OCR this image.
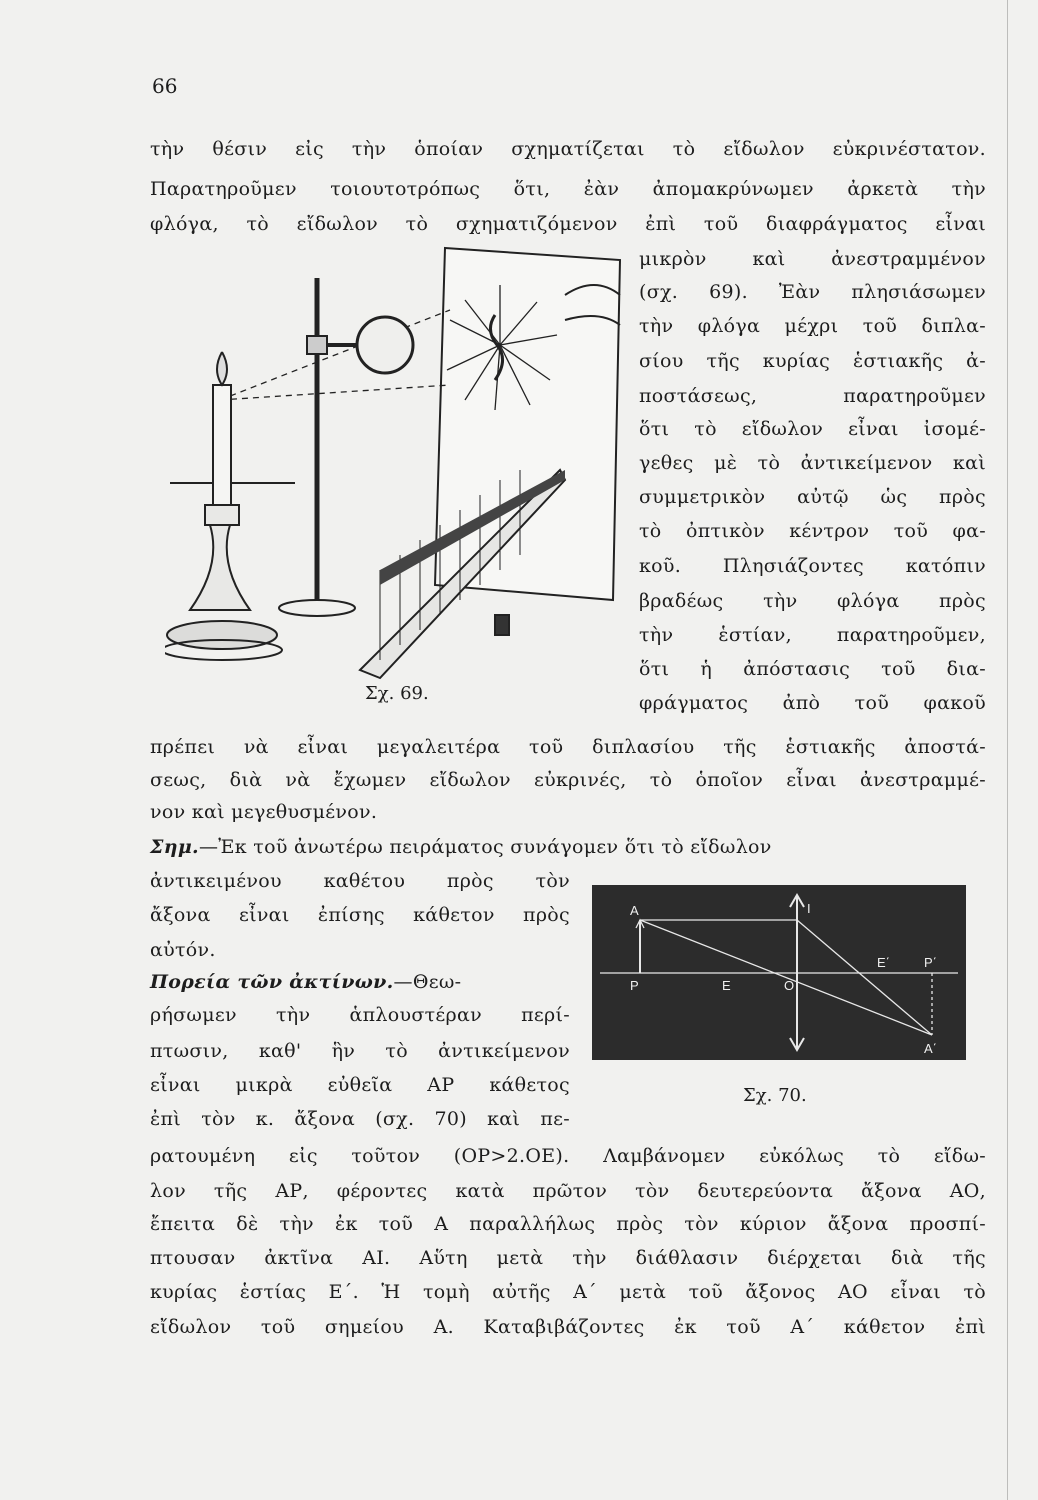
66
τὴν θέσιν εἰς τὴν ὁποίαν σχηματίζεται τὸ εἴδωλον εὐκρινέστατον.
Παρατηροῦμεν τοιουτοτρόπως ὅτι, ἐὰν ἀπομακρύνωμεν ἀρκετὰ τὴν
φλόγα, τὸ εἴδωλον τὸ σχηματιζόμενον ἐπὶ τοῦ διαφράγματος εἶναι
μικρὸν καὶ ἀνεστραμμένον
(σχ. 69). Ἐὰν πλησιάσωμεν
τὴν φλόγα μέχρι τοῦ διπλα-
σίου τῆς κυρίας ἑστιακῆς ἀ-
ποστάσεως, παρατηροῦμεν
ὅτι τὸ εἴδωλον εἶναι ἰσομέ-
γεθες μὲ τὸ ἀντικείμενον καὶ
συμμετρικὸν αὐτῷ ὡς πρὸς
τὸ ὀπτικὸν κέντρον τοῦ φα-
κοῦ. Πλησιάζοντες κατόπιν
βραδέως τὴν φλόγα πρὸς
τὴν ἑστίαν, παρατηροῦμεν,
ὅτι ἡ ἀπόστασις τοῦ δια-
φράγματος ἀπὸ τοῦ φακοῦ
Σχ. 69.
πρέπει νὰ εἶναι μεγαλειτέρα τοῦ διπλασίου τῆς ἑστιακῆς ἀποστά-
σεως, διὰ νὰ ἔχωμεν εἴδωλον εὐκρινές, τὸ ὁποῖον εἶναι ἀνεστραμμέ-
νον καὶ μεγεθυσμένον.
Σημ.—Ἐκ τοῦ ἀνωτέρω πειράματος συνάγομεν ὅτι τὸ εἴδωλον
ἀντικειμένου καθέτου πρὸς τὸν
ἄξονα εἶναι ἐπίσης κάθετον πρὸς
αὐτόν.
Πορεία τῶν ἀκτίνων.—Θεω-
ρήσωμεν τὴν ἁπλουστέραν περί-
πτωσιν, καθ' ἣν τὸ ἀντικείμενον
εἶναι μικρὰ εὐθεῖα ΑΡ κάθετος
ἐπὶ τὸν κ. ἄξονα (σχ. 70) καὶ πε-
A	I
P	E	O
E΄	P΄
A΄
Σχ. 70.
ρατουμένη εἰς τοῦτον (ΟΡ>2.ΟΕ). Λαμβάνομεν εὐκόλως τὸ εἴδω-
λον τῆς ΑΡ, φέροντες κατὰ πρῶτον τὸν δευτερεύοντα ἄξονα ΑΟ,
ἔπειτα δὲ τὴν ἐκ τοῦ Α παραλλήλως πρὸς τὸν κύριον ἄξονα προσπί-
πτουσαν ἀκτῖνα ΑΙ. Αὕτη μετὰ τὴν διάθλασιν διέρχεται διὰ τῆς
κυρίας ἑστίας Ε΄. Ἡ τομὴ αὐτῆς Α΄ μετὰ τοῦ ἄξονος ΑΟ εἶναι τὸ
εἴδωλον τοῦ σημείου Α. Καταβιβάζοντες ἐκ τοῦ Α΄ κάθετον ἐπὶ
